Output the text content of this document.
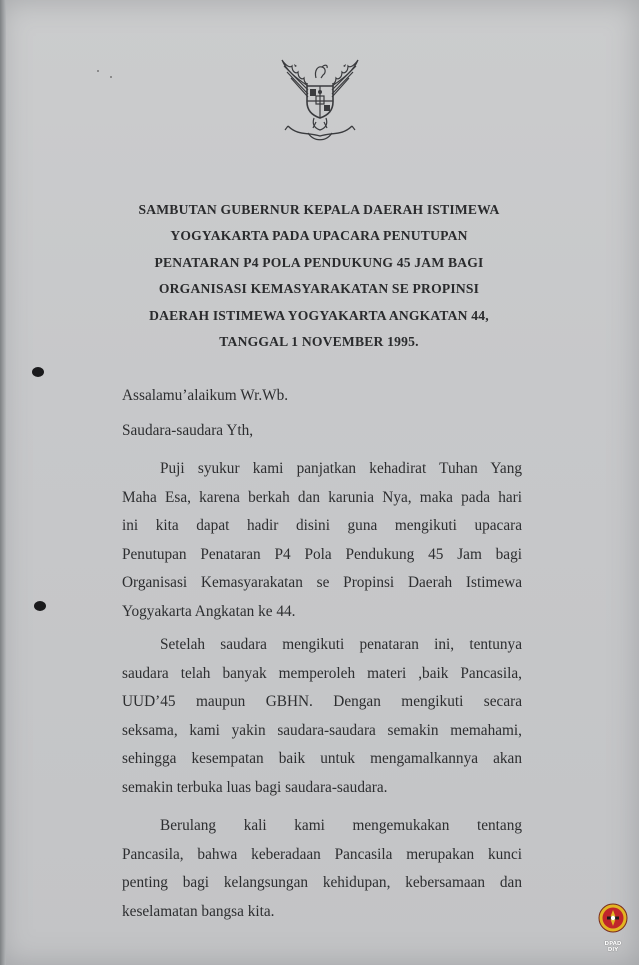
SAMBUTAN GUBERNUR KEPALA DAERAH ISTIMEWA
YOGYAKARTA PADA UPACARA PENUTUPAN
PENATARAN P4 POLA PENDUKUNG 45 JAM BAGI
ORGANISASI KEMASYARAKATAN SE PROPINSI
DAERAH ISTIMEWA YOGYAKARTA ANGKATAN 44,
TANGGAL 1 NOVEMBER 1995.
Assalamu’alaikum Wr.Wb.
Saudara-saudara Yth,
Puji syukur kami panjatkan kehadirat Tuhan Yang
Maha Esa, karena berkah dan karunia Nya, maka pada hari
ini kita dapat hadir disini guna mengikuti upacara
Penutupan Penataran P4 Pola Pendukung 45 Jam bagi
Organisasi Kemasyarakatan se Propinsi Daerah Istimewa
Yogyakarta Angkatan ke 44.
Setelah saudara mengikuti penataran ini, tentunya
saudara telah banyak memperoleh materi ,baik Pancasila,
UUD’45 maupun GBHN. Dengan mengikuti secara
seksama, kami yakin saudara-saudara semakin memahami,
sehingga kesempatan baik untuk mengamalkannya akan
semakin terbuka luas bagi saudara-saudara.
Berulang kali kami mengemukakan tentang
Pancasila, bahwa keberadaan Pancasila merupakan kunci
penting bagi kelangsungan kehidupan, kebersamaan dan
keselamatan bangsa kita.
DPAD
DIY
